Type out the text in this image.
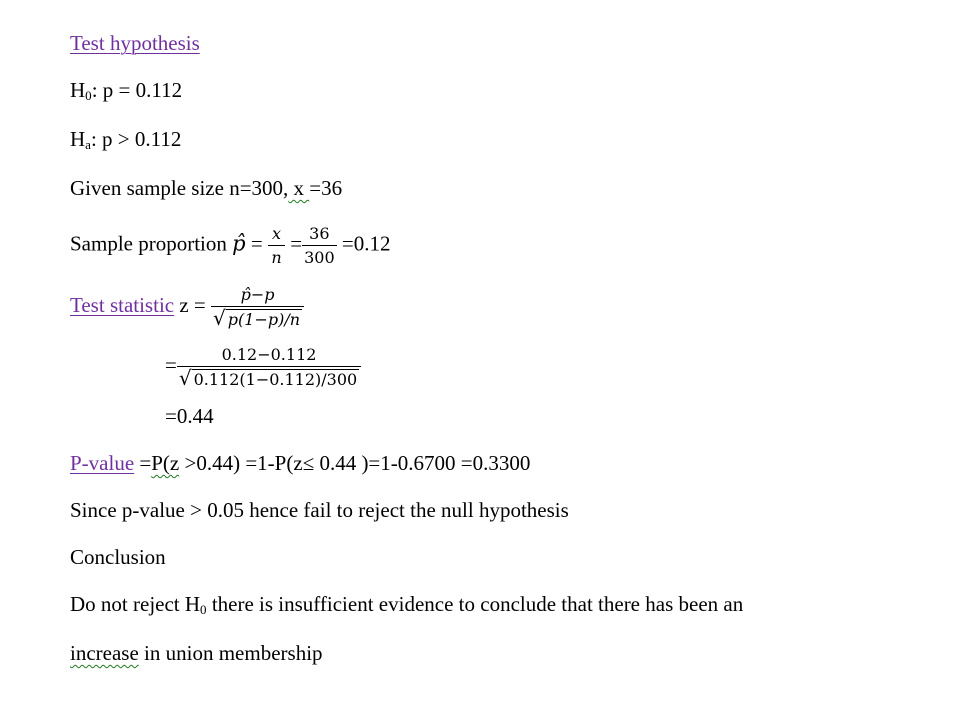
Test hypothesis

$H_0$: p = 0.112

$H_a$: p > 0.112

Given sample size n=300, x =36

Sample proportion p̂ = $\frac{x}{n} = \frac{36}{300} =0.12$

Test statistic $z = \frac{p̂-p}{√ p(1-p)/n}$

= $\frac{0.12-0.112}{√ 0.112(1-0.112)/300}$

=0.44

P-value =P(z >0.44) =1-P(z≤ 0.44 )=1-0.6700 =0.3300

Since p-value > 0.05 hence fail to reject the null hypothesis

Conclusion

Do not reject $H_0$ there is insufficient evidence to conclude that there has been an

increase in union membership
